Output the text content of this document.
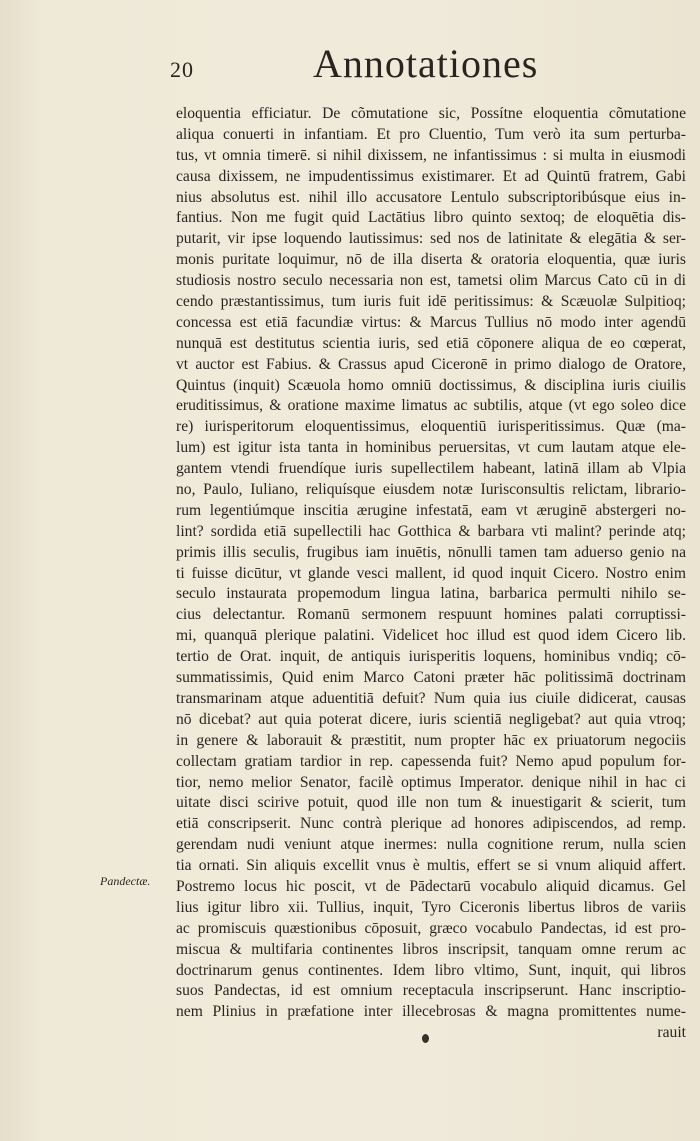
20	Annotationes
eloquentia efficiatur. De cõmutatione sic, Possítne eloquentia cõmutatione
aliqua conuerti in infantiam. Et pro Cluentio, Tum verò ita sum perturba-
tus, vt omnia timerē. si nihil dixissem, ne infantissimus : si multa in eiusmodi
causa dixissem, ne impudentissimus existimarer. Et ad Quintū fratrem, Gabi
nius absolutus est. nihil illo accusatore Lentulo subscriptoribúsque eius in-
fantius. Non me fugit quid Lactātius libro quinto sextoq; de eloquētia dis-
putarit, vir ipse loquendo lautissimus: sed nos de latinitate & elegātia & ser-
monis puritate loquimur, nō de illa diserta & oratoria eloquentia, quæ iuris
studiosis nostro seculo necessaria non est, tametsi olim Marcus Cato cū in di
cendo præstantissimus, tum iuris fuit idē peritissimus: & Scæuolæ Sulpitioq;
concessa est etiā facundiæ virtus: & Marcus Tullius nō modo inter agendū
nunquā est destitutus scientia iuris, sed etiā cōponere aliqua de eo cœperat,
vt auctor est Fabius. & Crassus apud Ciceronē in primo dialogo de Oratore,
Quintus (inquit) Scæuola homo omniū doctissimus, & disciplina iuris ciuilis
eruditissimus, & oratione maxime limatus ac subtilis, atque (vt ego soleo dice
re) iurisperitorum eloquentissimus, eloquentiū iurisperitissimus. Quæ (ma-
lum) est igitur ista tanta in hominibus peruersitas, vt cum lautam atque ele-
gantem vtendi fruendíque iuris supellectilem habeant, latinā illam ab Vlpia
no, Paulo, Iuliano, reliquísque eiusdem notæ Iurisconsultis relictam, librario-
rum legentiúmque inscitia ærugine infestatā, eam vt æruginē abstergeri no-
lint? sordida etiā supellectili hac Gotthica & barbara vti malint? perinde atq;
primis illis seculis, frugibus iam inuētis, nōnulli tamen tam aduerso genio na
ti fuisse dicūtur, vt glande vesci mallent, id quod inquit Cicero. Nostro enim
seculo instaurata propemodum lingua latina, barbarica permulti nihilo se-
cius delectantur. Romanū sermonem respuunt homines palati corruptissi-
mi, quanquā plerique palatini. Videlicet hoc illud est quod idem Cicero lib.
tertio de Orat. inquit, de antiquis iurisperitis loquens, hominibus vndiq; cō-
summatissimis, Quid enim Marco Catoni præter hāc politissimā doctrinam
transmarinam atque aduentitiā defuit? Num quia ius ciuile didicerat, causas
nō dicebat? aut quia poterat dicere, iuris scientiā negligebat? aut quia vtroq;
in genere & laborauit & præstitit, num propter hāc ex priuatorum negociis
collectam gratiam tardior in rep. capessenda fuit? Nemo apud populum for-
tior, nemo melior Senator, facilè optimus Imperator. denique nihil in hac ci
uitate disci scirive potuit, quod ille non tum & inuestigarit & scierit, tum
etiā conscripserit. Nunc contrà plerique ad honores adipiscendos, ad remp.
gerendam nudi veniunt atque inermes: nulla cognitione rerum, nulla scien
tia ornati. Sin aliquis excellit vnus è multis, effert se si vnum aliquid affert.
Postremo locus hic poscit, vt de Pādectarū vocabulo aliquid dicamus. Gel
lius igitur libro xii. Tullius, inquit, Tyro Ciceronis libertus libros de variis
ac promiscuis quæstionibus cōposuit, græco vocabulo Pandectas, id est pro-
miscua & multifaria continentes libros inscripsit, tanquam omne rerum ac
doctrinarum genus continentes. Idem libro vltimo, Sunt, inquit, qui libros
suos Pandectas, id est omnium receptacula inscripserunt. Hanc inscriptio-
nem Plinius in præfatione inter illecebrosas & magna promittentes nume-
rauit
Pandectæ.
